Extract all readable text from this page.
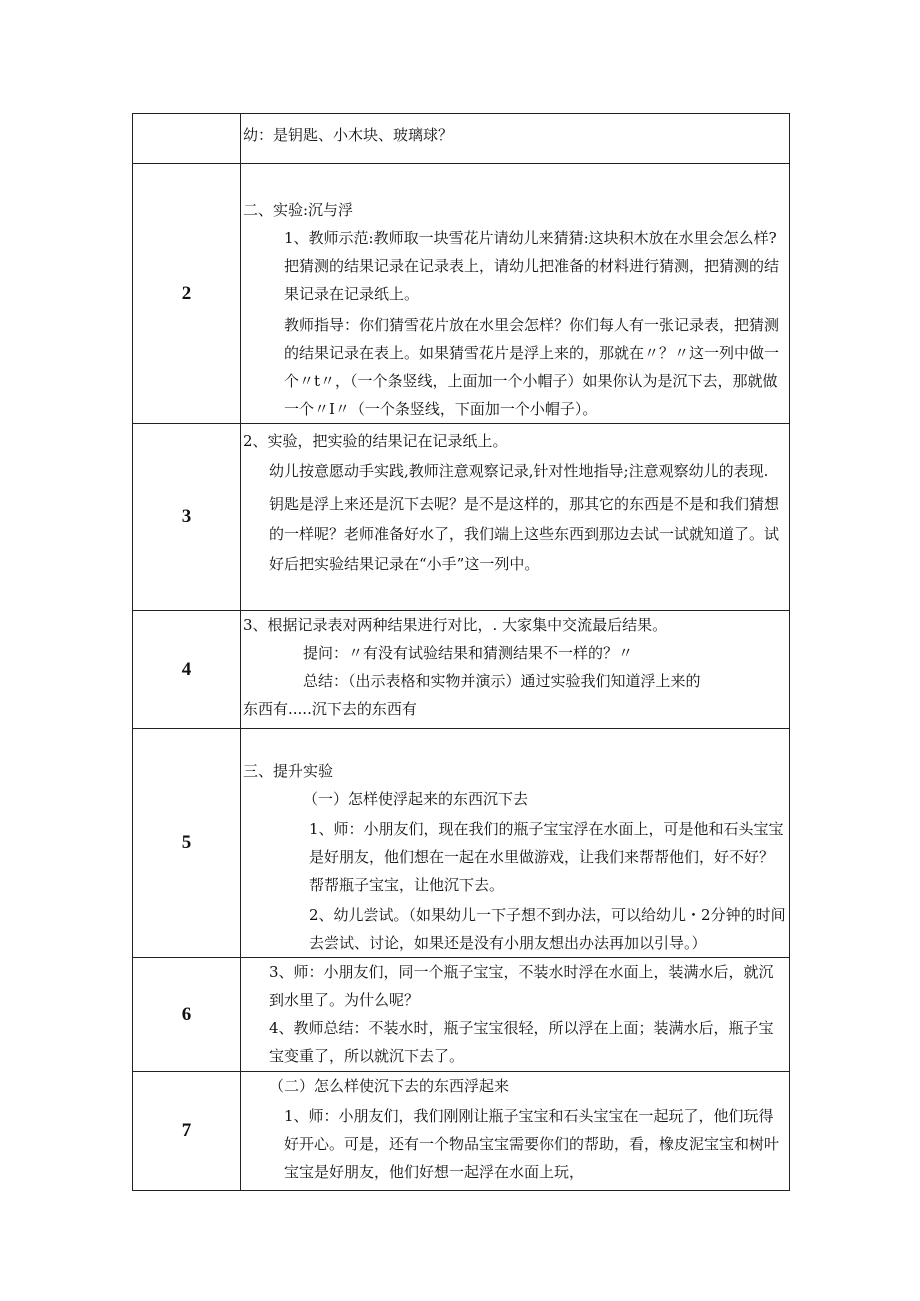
	幼：是钥匙、小木块、玻璃球？

2	二、实验:沉与浮

1、教师示范:教师取一块雪花片请幼儿来猜猜:这块积木放在水里会怎么样?把猜测的结果记录在记录表上，请幼儿把准备的材料进行猜测，把猜测的结果记录在记录纸上。

教师指导：你们猜雪花片放在水里会怎样？你们每人有一张记录表，把猜测的结果记录在表上。如果猜雪花片是浮上来的，那就在〃？〃这一列中做一个〃t〃，（一个条竖线，上面加一个小帽子）如果你认为是沉下去，那就做一个〃I〃（一个条竖线，下面加一个小帽子）。

3	2、实验，把实验的结果记在记录纸上。

幼儿按意愿动手实践,教师注意观察记录,针对性地指导;注意观察幼儿的表现.

钥匙是浮上来还是沉下去呢？是不是这样的，那其它的东西是不是和我们猜想的一样呢？老师准备好水了，我们端上这些东西到那边去试一试就知道了。试好后把实验结果记录在“小手”这一列中。

4	3、根据记录表对两种结果进行对比，. 大家集中交流最后结果。

提问：〃有没有试验结果和猜测结果不一样的？〃

总结：（出示表格和实物并演示）通过实验我们知道浮上来的

东西有.....沉下去的东西有

5	三、提升实验

（一）怎样使浮起来的东西沉下去

1、师：小朋友们，现在我们的瓶子宝宝浮在水面上，可是他和石头宝宝是好朋友，他们想在一起在水里做游戏，让我们来帮帮他们，好不好？帮帮瓶子宝宝，让他沉下去。

2、幼儿尝试。（如果幼儿一下子想不到办法，可以给幼儿・2分钟的时间去尝试、讨论，如果还是没有小朋友想出办法再加以引导。）

6	3、师：小朋友们，同一个瓶子宝宝，不装水时浮在水面上，装满水后，就沉到水里了。为什么呢？

4、教师总结：不装水时，瓶子宝宝很轻，所以浮在上面；装满水后，瓶子宝宝变重了，所以就沉下去了。

7	（二）怎么样使沉下去的东西浮起来

1、师：小朋友们，我们刚刚让瓶子宝宝和石头宝宝在一起玩了，他们玩得好开心。可是，还有一个物品宝宝需要你们的帮助，看，橡皮泥宝宝和树叶宝宝是好朋友，他们好想一起浮在水面上玩，
